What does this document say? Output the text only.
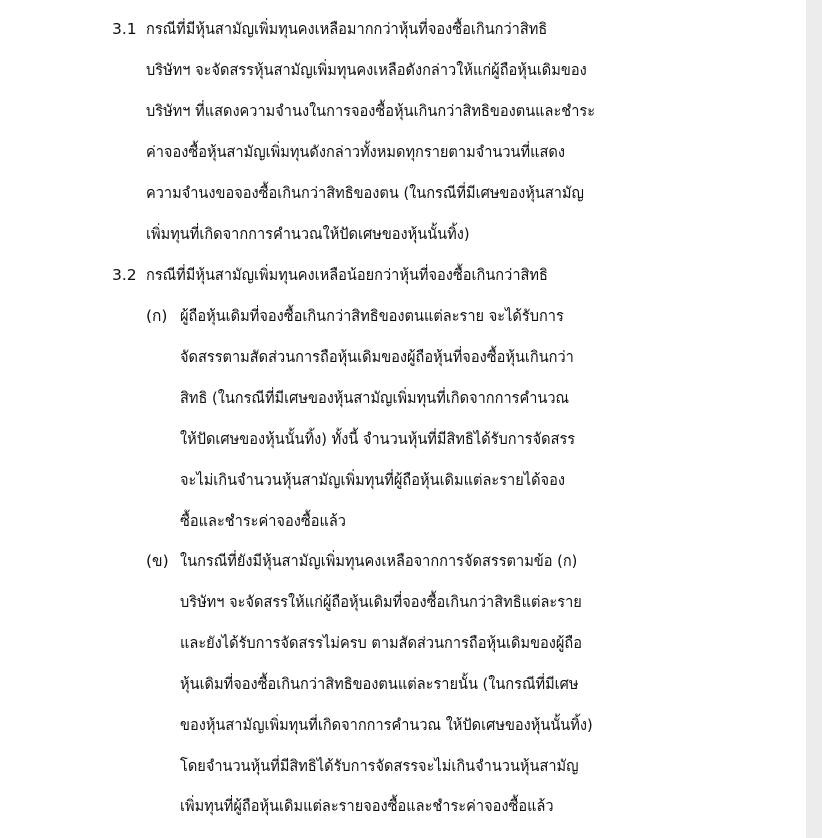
3.1 กรณีที่มีหุ้นสามัญเพิ่มทุนคงเหลือมากกว่าหุ้นที่จองซื้อเกินกว่าสิทธิ
บริษัทฯ จะจัดสรรหุ้นสามัญเพิ่มทุนคงเหลือดังกล่าวให้แก่ผู้ถือหุ้นเดิมของ
บริษัทฯ ที่แสดงความจำนงในการจองซื้อหุ้นเกินกว่าสิทธิของตนและชำระ
ค่าจองซื้อหุ้นสามัญเพิ่มทุนดังกล่าวทั้งหมดทุกรายตามจำนวนที่แสดง
ความจำนงขอจองซื้อเกินกว่าสิทธิของตน (ในกรณีที่มีเศษของหุ้นสามัญ
เพิ่มทุนที่เกิดจากการคำนวณให้ปัดเศษของหุ้นนั้นทิ้ง)
3.2 กรณีที่มีหุ้นสามัญเพิ่มทุนคงเหลือน้อยกว่าหุ้นที่จองซื้อเกินกว่าสิทธิ
(ก) ผู้ถือหุ้นเดิมที่จองซื้อเกินกว่าสิทธิของตนแต่ละราย จะได้รับการ
จัดสรรตามสัดส่วนการถือหุ้นเดิมของผู้ถือหุ้นที่จองซื้อหุ้นเกินกว่า
สิทธิ (ในกรณีที่มีเศษของหุ้นสามัญเพิ่มทุนที่เกิดจากการคำนวณ
ให้ปัดเศษของหุ้นนั้นทิ้ง) ทั้งนี้ จำนวนหุ้นที่มีสิทธิได้รับการจัดสรร
จะไม่เกินจำนวนหุ้นสามัญเพิ่มทุนที่ผู้ถือหุ้นเดิมแต่ละรายได้จอง
ซื้อและชำระค่าจองซื้อแล้ว
(ข) ในกรณีที่ยังมีหุ้นสามัญเพิ่มทุนคงเหลือจากการจัดสรรตามข้อ (ก)
บริษัทฯ จะจัดสรรให้แก่ผู้ถือหุ้นเดิมที่จองซื้อเกินกว่าสิทธิแต่ละราย
และยังได้รับการจัดสรรไม่ครบ ตามสัดส่วนการถือหุ้นเดิมของผู้ถือ
หุ้นเดิมที่จองซื้อเกินกว่าสิทธิของตนแต่ละรายนั้น (ในกรณีที่มีเศษ
ของหุ้นสามัญเพิ่มทุนที่เกิดจากการคำนวณ ให้ปัดเศษของหุ้นนั้นทิ้ง)
โดยจำนวนหุ้นที่มีสิทธิได้รับการจัดสรรจะไม่เกินจำนวนหุ้นสามัญ
เพิ่มทุนที่ผู้ถือหุ้นเดิมแต่ละรายจองซื้อและชำระค่าจองซื้อแล้ว
